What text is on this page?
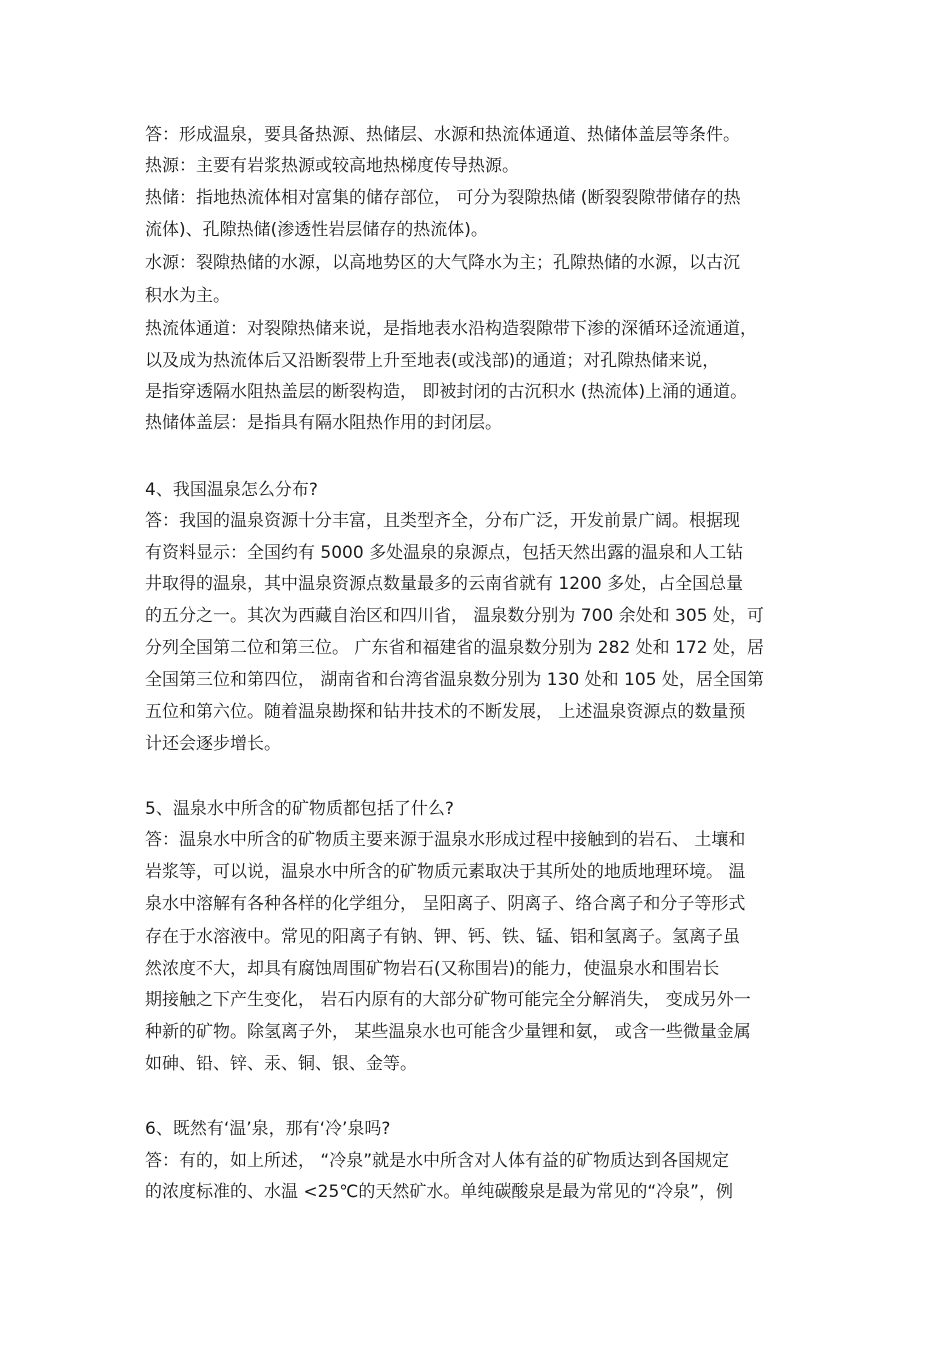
答：形成温泉，要具备热源、热储层、水源和热流体通道、热储体盖层等条件。
热源：主要有岩浆热源或较高地热梯度传导热源。
热储：指地热流体相对富集的储存部位， 可分为裂隙热储 (断裂裂隙带储存的热
流体)、孔隙热储(渗透性岩层储存的热流体)。
水源：裂隙热储的水源，以高地势区的大气降水为主；孔隙热储的水源，以古沉
积水为主。
热流体通道：对裂隙热储来说，是指地表水沿构造裂隙带下渗的深循环迳流通道，
以及成为热流体后又沿断裂带上升至地表(或浅部)的通道；对孔隙热储来说，
是指穿透隔水阻热盖层的断裂构造， 即被封闭的古沉积水 (热流体)上涌的通道。
热储体盖层：是指具有隔水阻热作用的封闭层。
4、我国温泉怎么分布?
答：我国的温泉资源十分丰富，且类型齐全，分布广泛，开发前景广阔。根据现
有资料显示：全国约有 5000 多处温泉的泉源点，包括天然出露的温泉和人工钻
井取得的温泉，其中温泉资源点数量最多的云南省就有 1200 多处，占全国总量
的五分之一。其次为西藏自治区和四川省， 温泉数分别为 700 余处和 305 处，可
分列全国第二位和第三位。 广东省和福建省的温泉数分别为 282 处和 172 处，居
全国第三位和第四位， 湖南省和台湾省温泉数分别为 130 处和 105 处，居全国第
五位和第六位。随着温泉勘探和钻井技术的不断发展， 上述温泉资源点的数量预
计还会逐步增长。
5、温泉水中所含的矿物质都包括了什么?
答：温泉水中所含的矿物质主要来源于温泉水形成过程中接触到的岩石、 土壤和
岩浆等，可以说，温泉水中所含的矿物质元素取决于其所处的地质地理环境。 温
泉水中溶解有各种各样的化学组分， 呈阳离子、阴离子、络合离子和分子等形式
存在于水溶液中。常见的阳离子有钠、钾、钙、铁、锰、铝和氢离子。氢离子虽
然浓度不大，却具有腐蚀周围矿物岩石(又称围岩)的能力，使温泉水和围岩长
期接触之下产生变化， 岩石内原有的大部分矿物可能完全分解消失， 变成另外一
种新的矿物。除氢离子外， 某些温泉水也可能含少量锂和氨， 或含一些微量金属
如砷、铅、锌、汞、铜、银、金等。
6、既然有‘温’泉，那有‘冷’泉吗?
答：有的，如上所述， “冷泉”就是水中所含对人体有益的矿物质达到各国规定
的浓度标准的、水温 <25℃的天然矿水。单纯碳酸泉是最为常见的“冷泉”，例
